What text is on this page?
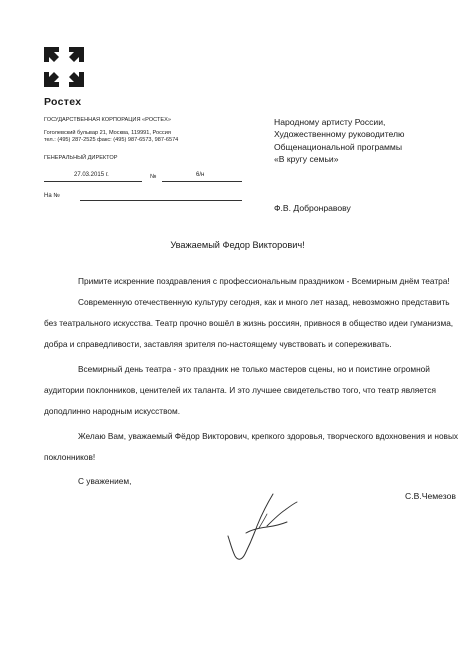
Ростех
ГОСУДАРСТВЕННАЯ КОРПОРАЦИЯ «РОСТЕХ»
Гоголевский бульвар 21, Москва, 119991, Россия
тел.: (495) 287-2525 факс: (495) 987-6573, 987-6574
ГЕНЕРАЛЬНЫЙ ДИРЕКТОР
27.03.2015 г.	№	6/н
На №
Народному артисту России,
Художественному руководителю
Общенациональной программы
«В кругу семьи»
Ф.В. Добронравову
Уважаемый Федор Викторович!
Примите искренние поздравления с профессиональным праздником - Всемирным днём театра!
Современную отечественную культуру сегодня, как и много лет назад, невозможно представить
без театрального искусства. Театр прочно вошёл в жизнь россиян, привнося в общество идеи гуманизма,
добра и справедливости, заставляя зрителя по-настоящему чувствовать и сопереживать.
Всемирный день театра - это праздник не только мастеров сцены, но и поистине огромной
аудитории поклонников, ценителей их таланта. И это лучшее свидетельство того, что театр является
доподлинно народным искусством.
Желаю Вам, уважаемый Фёдор Викторович, крепкого здоровья, творческого вдохновения и новых
поклонников!
С уважением,
С.В.Чемезов
